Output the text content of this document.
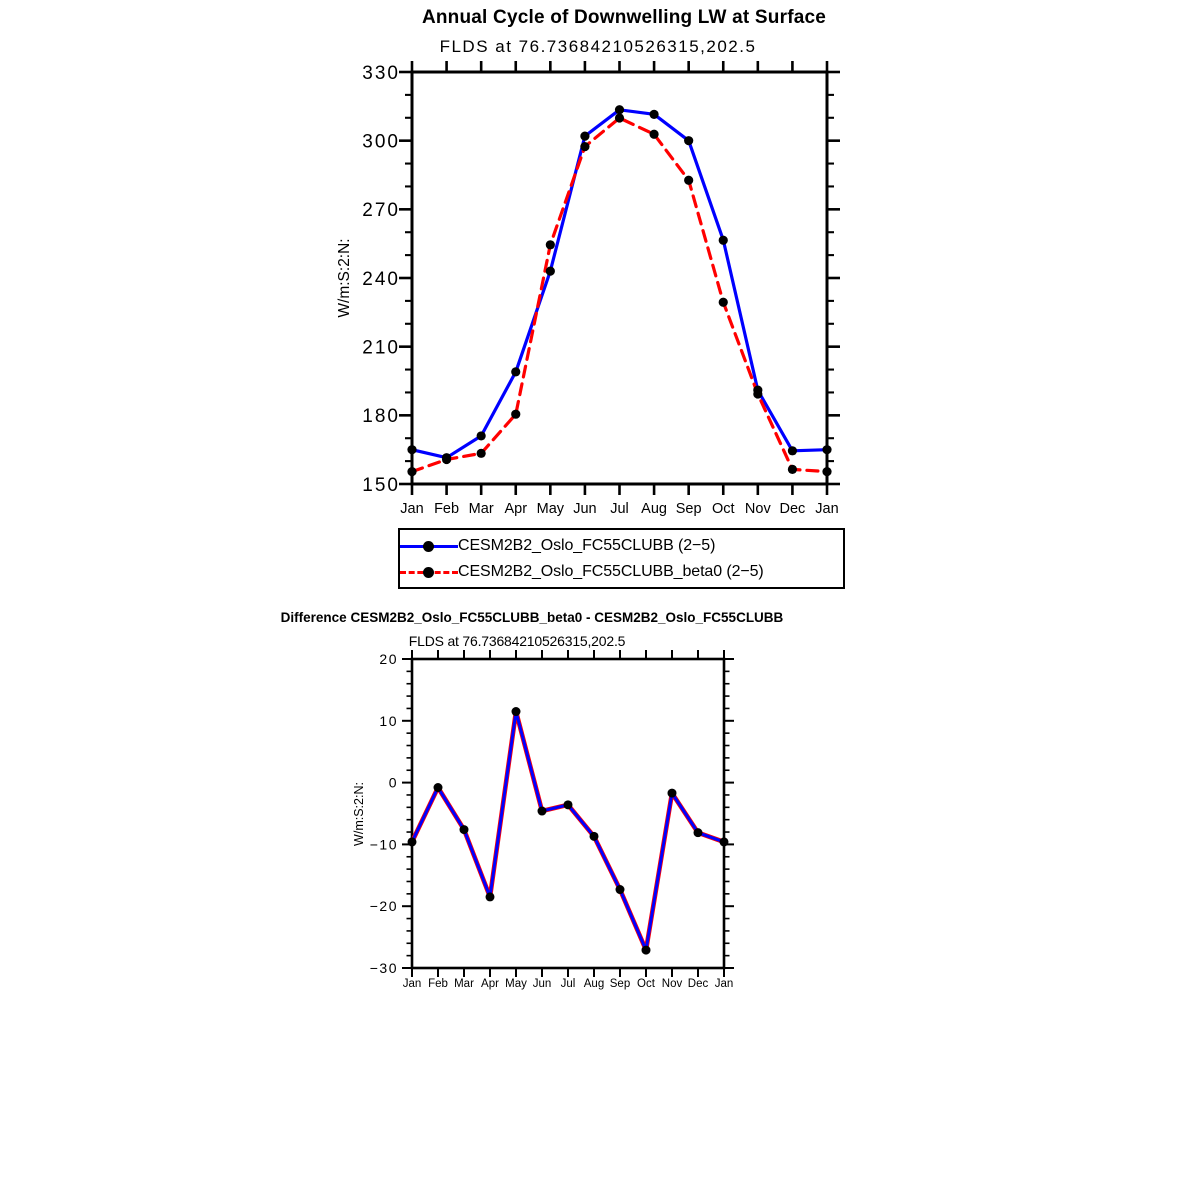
Annual Cycle of Downwelling LW at Surface
FLDS at 76.73684210526315,202.5
150
180
210
240
270
300
330
Jan Feb Mar Apr May Jun Jul Aug Sep Oct Nov Dec Jan
W/m:S:2:N:
−30
−20
−10
0
10
20
Jan Feb Mar Apr May Jun Jul Aug Sep Oct Nov Dec Jan
W/m:S:2:N:
CESM2B2_Oslo_FC55CLUBB (2−5)
CESM2B2_Oslo_FC55CLUBB_beta0 (2−5)
Difference CESM2B2_Oslo_FC55CLUBB_beta0 - CESM2B2_Oslo_FC55CLUBB
FLDS at 76.73684210526315,202.5
